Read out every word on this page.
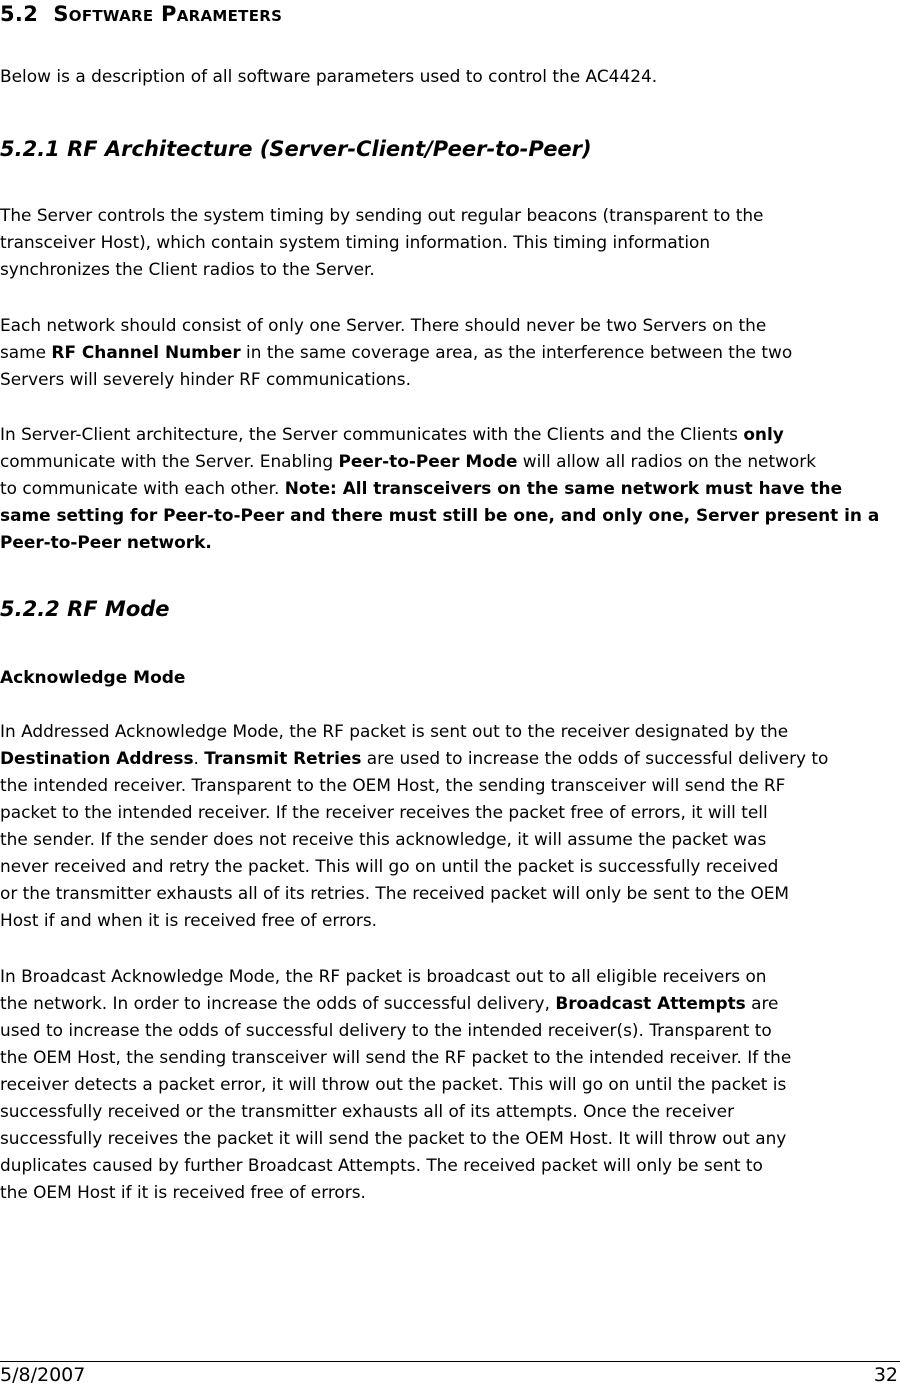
5.2 SOFTWARE PARAMETERS
Below is a description of all software parameters used to control the AC4424.
5.2.1 RF Architecture (Server-Client/Peer-to-Peer)
The Server controls the system timing by sending out regular beacons (transparent to the
transceiver Host), which contain system timing information. This timing information
synchronizes the Client radios to the Server.
Each network should consist of only one Server. There should never be two Servers on the
same RF Channel Number in the same coverage area, as the interference between the two
Servers will severely hinder RF communications.
In Server-Client architecture, the Server communicates with the Clients and the Clients only
communicate with the Server. Enabling Peer-to-Peer Mode will allow all radios on the network
to communicate with each other. Note: All transceivers on the same network must have the
same setting for Peer-to-Peer and there must still be one, and only one, Server present in a
Peer-to-Peer network.
5.2.2 RF Mode
Acknowledge Mode
In Addressed Acknowledge Mode, the RF packet is sent out to the receiver designated by the
Destination Address. Transmit Retries are used to increase the odds of successful delivery to
the intended receiver. Transparent to the OEM Host, the sending transceiver will send the RF
packet to the intended receiver. If the receiver receives the packet free of errors, it will tell
the sender. If the sender does not receive this acknowledge, it will assume the packet was
never received and retry the packet. This will go on until the packet is successfully received
or the transmitter exhausts all of its retries. The received packet will only be sent to the OEM
Host if and when it is received free of errors.
In Broadcast Acknowledge Mode, the RF packet is broadcast out to all eligible receivers on
the network. In order to increase the odds of successful delivery, Broadcast Attempts are
used to increase the odds of successful delivery to the intended receiver(s). Transparent to
the OEM Host, the sending transceiver will send the RF packet to the intended receiver. If the
receiver detects a packet error, it will throw out the packet. This will go on until the packet is
successfully received or the transmitter exhausts all of its attempts. Once the receiver
successfully receives the packet it will send the packet to the OEM Host. It will throw out any
duplicates caused by further Broadcast Attempts. The received packet will only be sent to
the OEM Host if it is received free of errors.
5/8/2007	32
